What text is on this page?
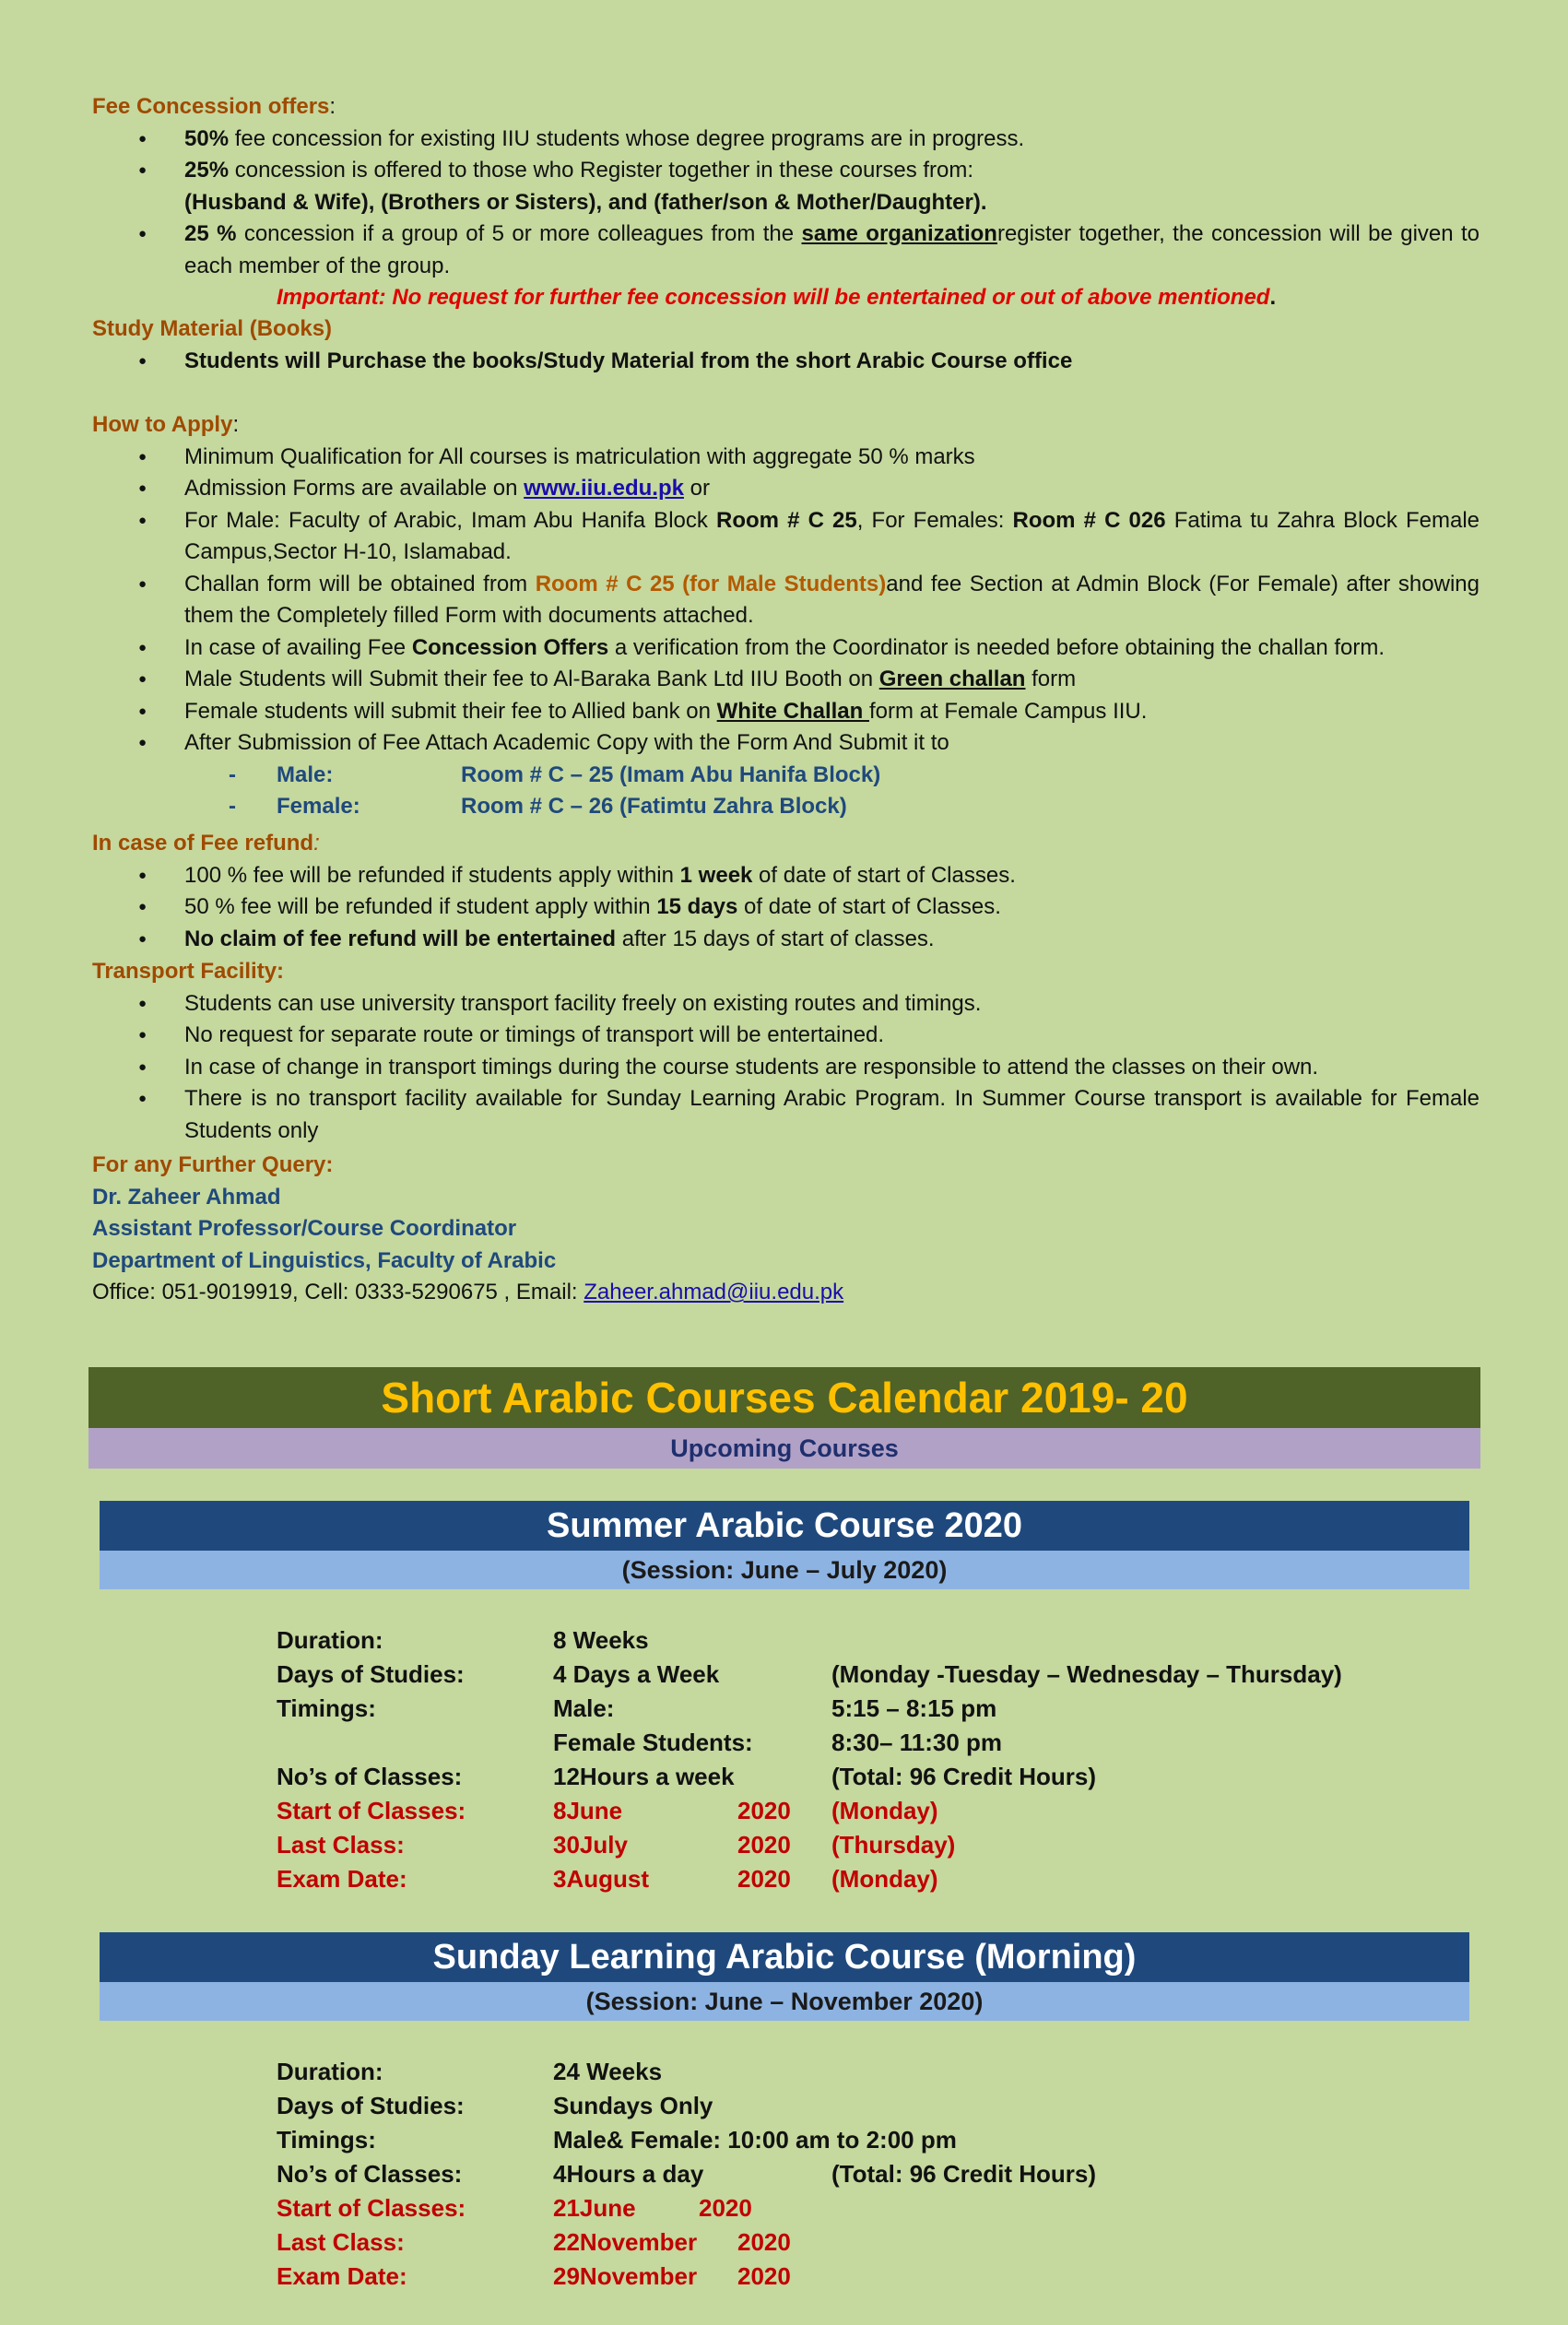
Fee Concession offers:
● 50% fee concession for existing IIU students whose degree programs are in progress.
● 25% concession is offered to those who Register together in these courses from:
(Husband & Wife), (Brothers or Sisters), and (father/son & Mother/Daughter).
● 25 % concession if a group of 5 or more colleagues from the same organizationregister together, the concession will be given to each member of the group.
Important: No request for further fee concession will be entertained or out of above mentioned.
Study Material (Books)
● Students will Purchase the books/Study Material from the short Arabic Course office
How to Apply:
● Minimum Qualification for All courses is matriculation with aggregate 50 % marks
● Admission Forms are available on www.iiu.edu.pk or
● For Male: Faculty of Arabic, Imam Abu Hanifa Block Room # C 25, For Females: Room # C 026 Fatima tu Zahra Block Female Campus,Sector H-10, Islamabad.
● Challan form will be obtained from Room # C 25 (for Male Students)and fee Section at Admin Block (For Female) after showing them the Completely filled Form with documents attached.
● In case of availing Fee Concession Offers a verification from the Coordinator is needed before obtaining the challan form.
● Male Students will Submit their fee to Al-Baraka Bank Ltd IIU Booth on Green challan form
● Female students will submit their fee to Allied bank on White Challan form at Female Campus IIU.
● After Submission of Fee Attach Academic Copy with the Form And Submit it to
- Male:	Room # C – 25 (Imam Abu Hanifa Block)
- Female:	Room # C – 26 (Fatimtu Zahra Block)
In case of Fee refund:
● 100 % fee will be refunded if students apply within 1 week of date of start of Classes.
● 50 % fee will be refunded if student apply within 15 days of date of start of Classes.
● No claim of fee refund will be entertained after 15 days of start of classes.
Transport Facility:
● Students can use university transport facility freely on existing routes and timings.
● No request for separate route or timings of transport will be entertained.
● In case of change in transport timings during the course students are responsible to attend the classes on their own.
● There is no transport facility available for Sunday Learning Arabic Program. In Summer Course transport is available for Female Students only
For any Further Query:
Dr. Zaheer Ahmad
Assistant Professor/Course Coordinator
Department of Linguistics, Faculty of Arabic
Office: 051-9019919, Cell: 0333-5290675 , Email: Zaheer.ahmad@iiu.edu.pk
Short Arabic Courses Calendar 2019- 20
Upcoming Courses
Summer Arabic Course 2020
(Session: June – July 2020)
Duration:	8 Weeks
Days of Studies:	4 Days a Week	(Monday -Tuesday – Wednesday – Thursday)
Timings:	Male:	5:15 – 8:15 pm
Female Students:	8:30– 11:30 pm
No’s of Classes:	12Hours a week	(Total: 96 Credit Hours)
Start of Classes:	8June	2020 (Monday)
Last Class:	30July	2020 (Thursday)
Exam Date:	3August	2020 (Monday)
Sunday Learning Arabic Course (Morning)
(Session: June – November 2020)
Duration:	24 Weeks
Days of Studies:	Sundays Only
Timings:	Male& Female: 10:00 am to 2:00 pm
No’s of Classes:	4Hours a day	(Total: 96 Credit Hours)
Start of Classes:	21June	2020
Last Class:	22November 2020
Exam Date:	29November 2020
